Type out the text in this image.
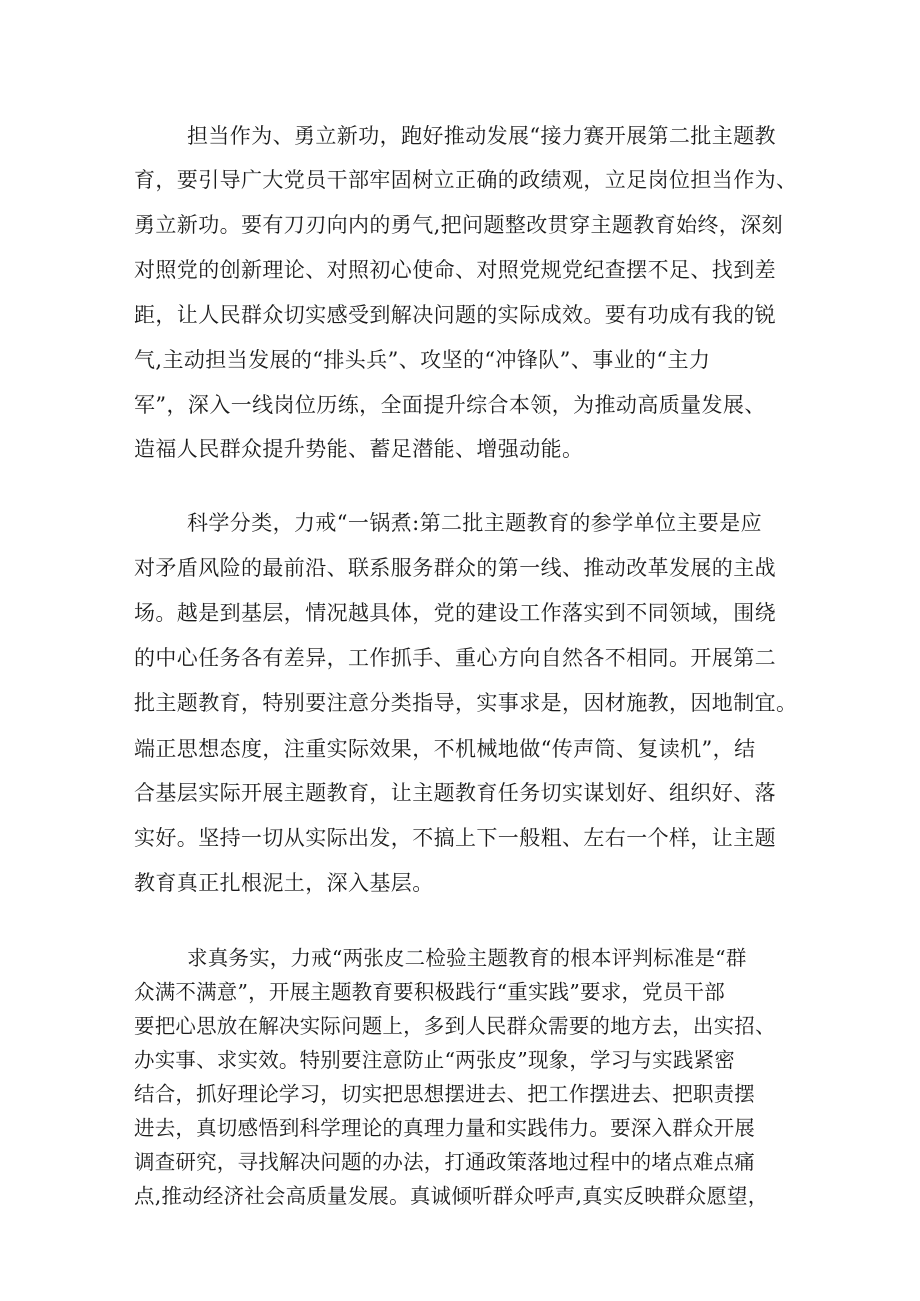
担当作为、勇立新功，跑好推动发展“接力赛开展第二批主题教
育，要引导广大党员干部牢固树立正确的政绩观，立足岗位担当作为、
勇立新功。要有刀刃向内的勇气,把问题整改贯穿主题教育始终，深刻
对照党的创新理论、对照初心使命、对照党规党纪查摆不足、找到差
距，让人民群众切实感受到解决问题的实际成效。要有功成有我的锐
气,主动担当发展的“排头兵”、攻坚的“冲锋队”、事业的“主力
军”，深入一线岗位历练，全面提升综合本领，为推动高质量发展、
造福人民群众提升势能、蓄足潜能、增强动能。
科学分类，力戒“一锅煮:第二批主题教育的参学单位主要是应
对矛盾风险的最前沿、联系服务群众的第一线、推动改革发展的主战
场。越是到基层，情况越具体，党的建设工作落实到不同领域，围绕
的中心任务各有差异，工作抓手、重心方向自然各不相同。开展第二
批主题教育，特别要注意分类指导，实事求是，因材施教，因地制宜。
端正思想态度，注重实际效果，不机械地做“传声筒、复读机”，结
合基层实际开展主题教育，让主题教育任务切实谋划好、组织好、落
实好。坚持一切从实际出发，不搞上下一般粗、左右一个样，让主题
教育真正扎根泥土，深入基层。
求真务实，力戒“两张皮二检验主题教育的根本评判标准是“群
众满不满意”，开展主题教育要积极践行“重实践”要求，党员干部
要把心思放在解决实际问题上，多到人民群众需要的地方去，出实招、
办实事、求实效。特别要注意防止“两张皮”现象，学习与实践紧密
结合，抓好理论学习，切实把思想摆进去、把工作摆进去、把职责摆
进去，真切感悟到科学理论的真理力量和实践伟力。要深入群众开展
调查研究，寻找解决问题的办法，打通政策落地过程中的堵点难点痛
点,推动经济社会高质量发展。真诚倾听群众呼声,真实反映群众愿望，
